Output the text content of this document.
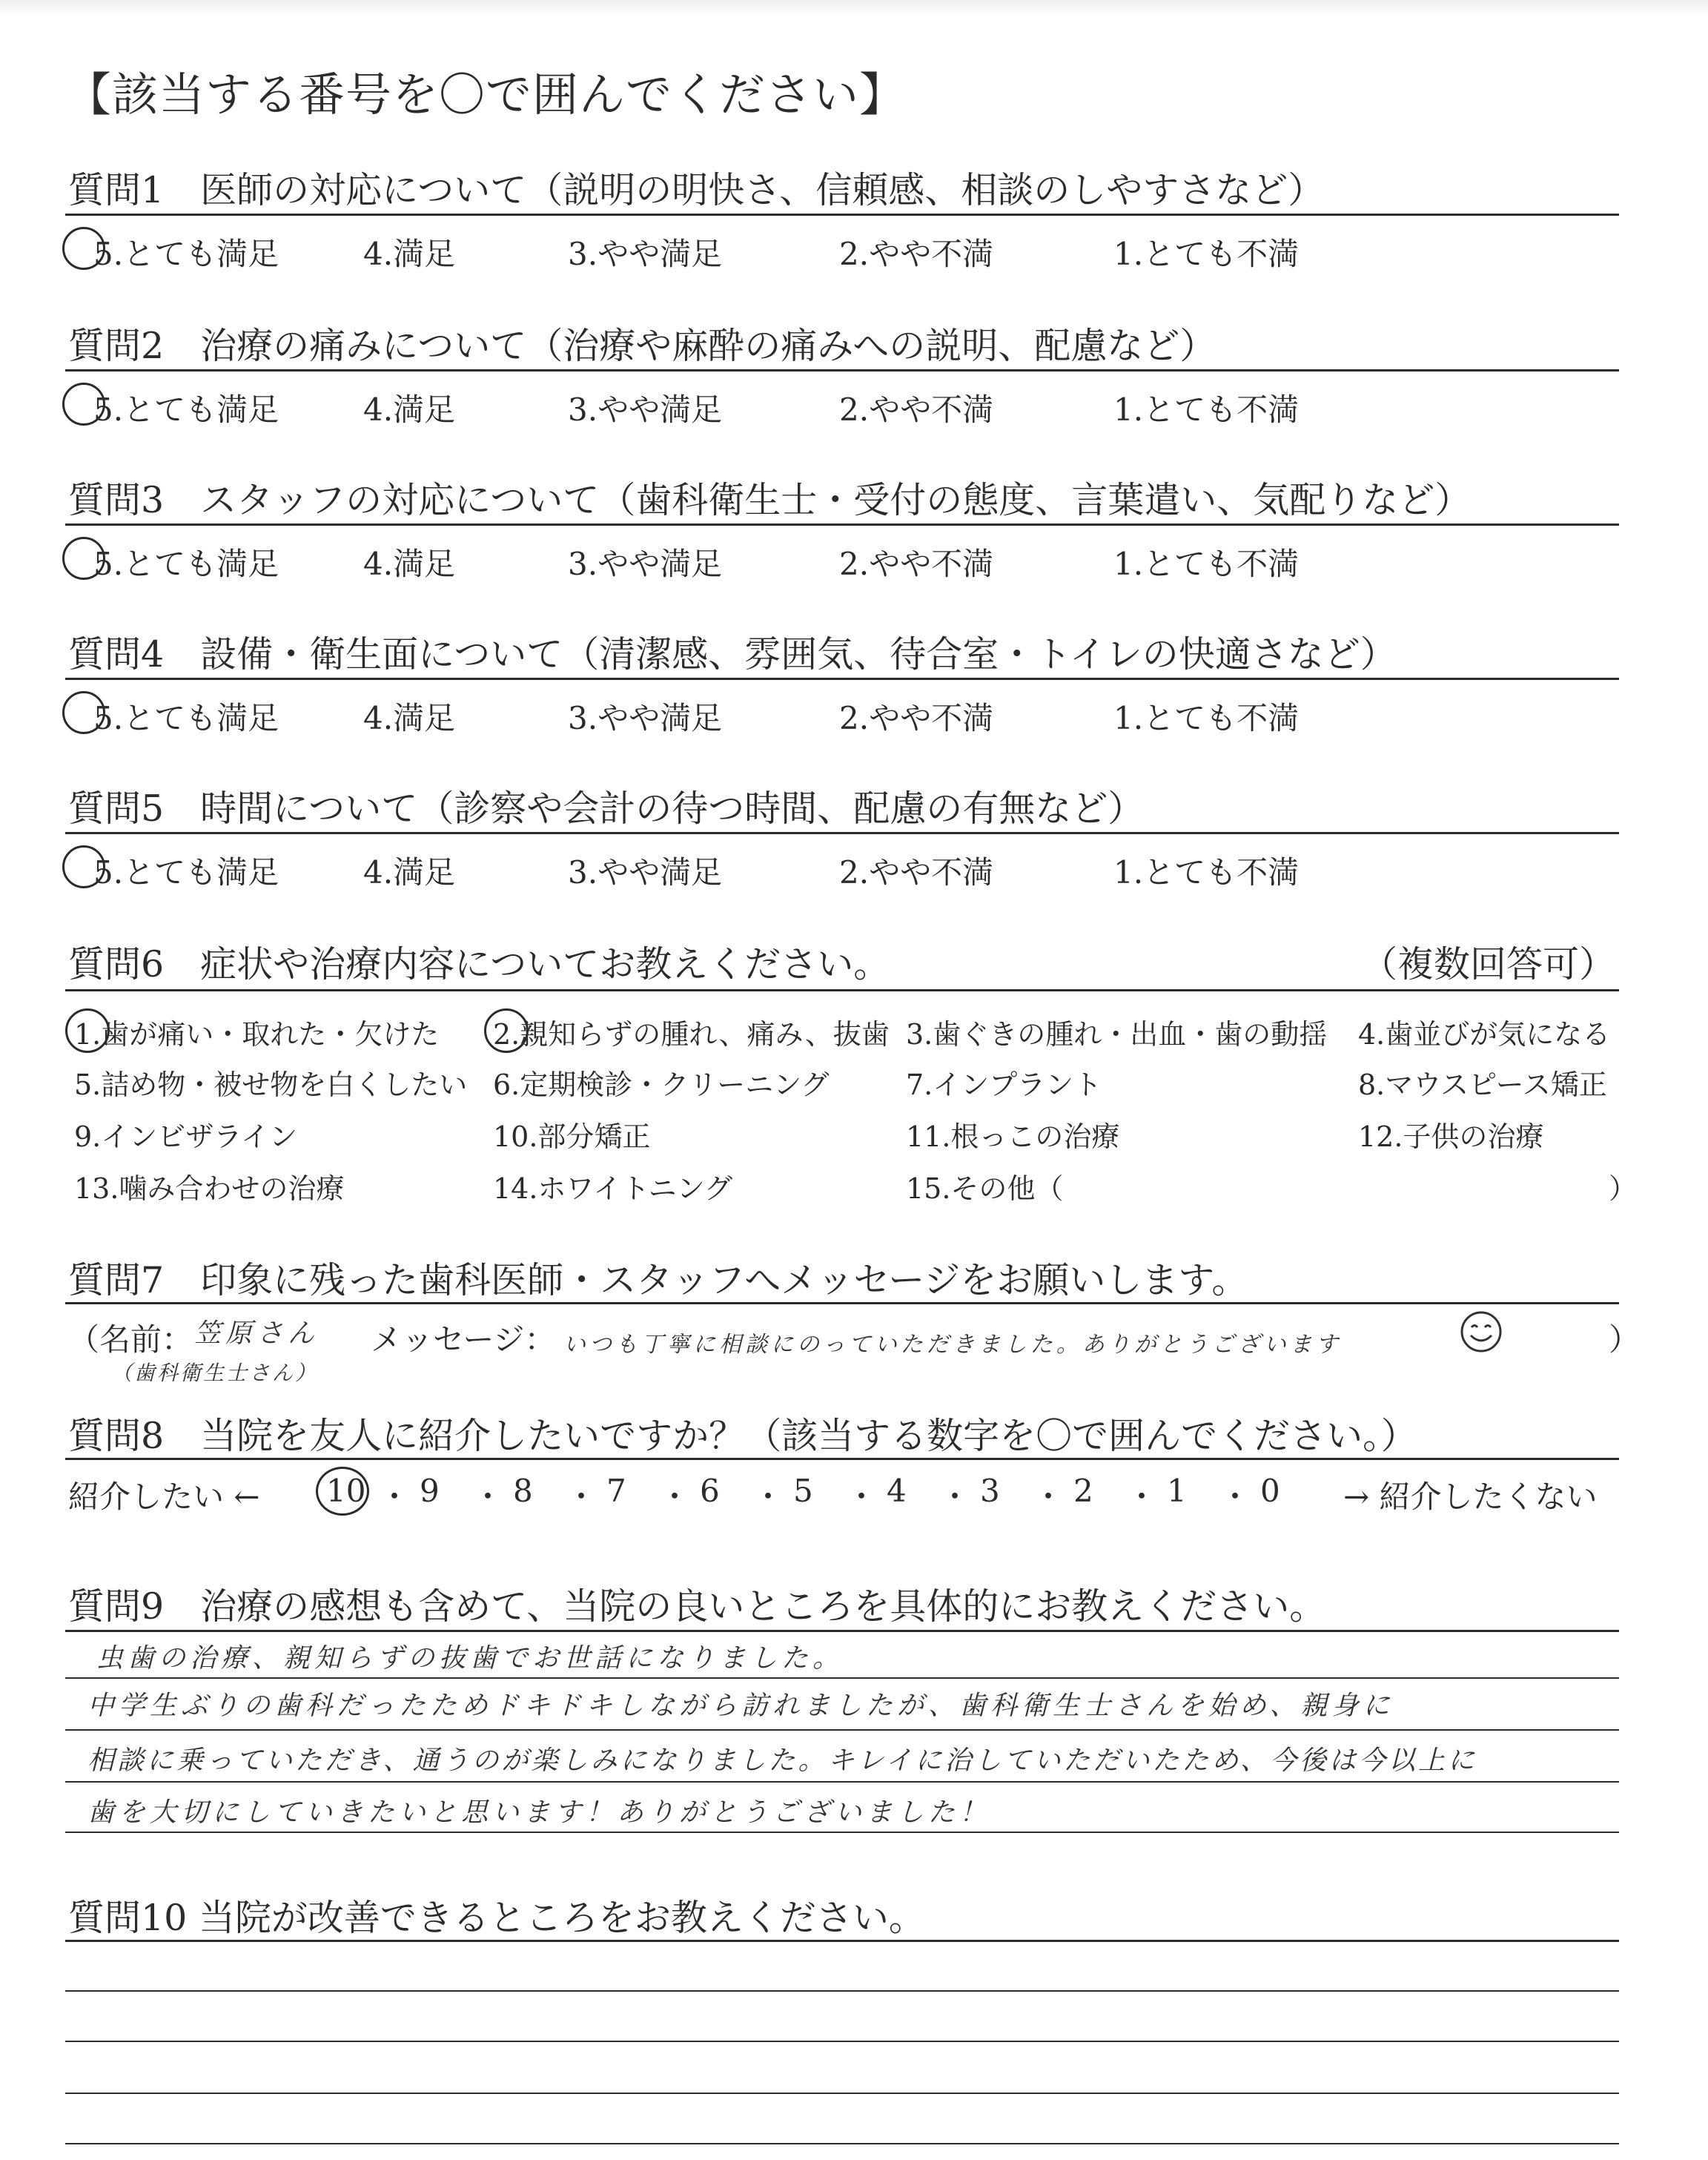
【該当する番号を〇で囲んでください】
質問1　医師の対応について（説明の明快さ、信頼感、相談のしやすさなど）
5.とても満足	4.満足	3.やや満足	2.やや不満	1.とても不満
質問2　治療の痛みについて（治療や麻酔の痛みへの説明、配慮など）
5.とても満足	4.満足	3.やや満足	2.やや不満	1.とても不満
質問3　スタッフの対応について（歯科衛生士・受付の態度、言葉遣い、気配りなど）
5.とても満足	4.満足	3.やや満足	2.やや不満	1.とても不満
質問4　設備・衛生面について（清潔感、雰囲気、待合室・トイレの快適さなど）
5.とても満足	4.満足	3.やや満足	2.やや不満	1.とても不満
質問5　時間について（診察や会計の待つ時間、配慮の有無など）
5.とても満足	4.満足	3.やや満足	2.やや不満	1.とても不満
質問6　症状や治療内容についてお教えください。	（複数回答可）
1.歯が痛い・取れた・欠けた 2.親知らずの腫れ、痛み、抜歯 3.歯ぐきの腫れ・出血・歯の動揺 4.歯並びが気になる
5.詰め物・被せ物を白くしたい 6.定期検診・クリーニング	7.インプラント	8.マウスピース矯正
9.インビザライン	10.部分矯正	11.根っこの治療	12.子供の治療
13.噛み合わせの治療	14.ホワイトニング	15.その他（	）
質問7　印象に残った歯科医師・スタッフへメッセージをお願いします。
（名前： 笠原さん
（歯科衛生士さん）
メッセージ： いつも丁寧に相談にのっていただきました。ありがとうございます	）
質問8　当院を友人に紹介したいですか？（該当する数字を〇で囲んでください。）
紹介したい ← 10 ・ 9 ・ 8 ・ 7 ・ 6 ・ 5 ・ 4 ・ 3 ・ 2 ・ 1 ・ 0 → 紹介したくない
質問9　治療の感想も含めて、当院の良いところを具体的にお教えください。
虫歯の治療、親知らずの抜歯でお世話になりました。
中学生ぶりの歯科だったためドキドキしながら訪れましたが、歯科衛生士さんを始め、親身に
相談に乗っていただき、通うのが楽しみになりました。キレイに治していただいたため、今後は今以上に
歯を大切にしていきたいと思います！ありがとうございました！
質問10 当院が改善できるところをお教えください。
